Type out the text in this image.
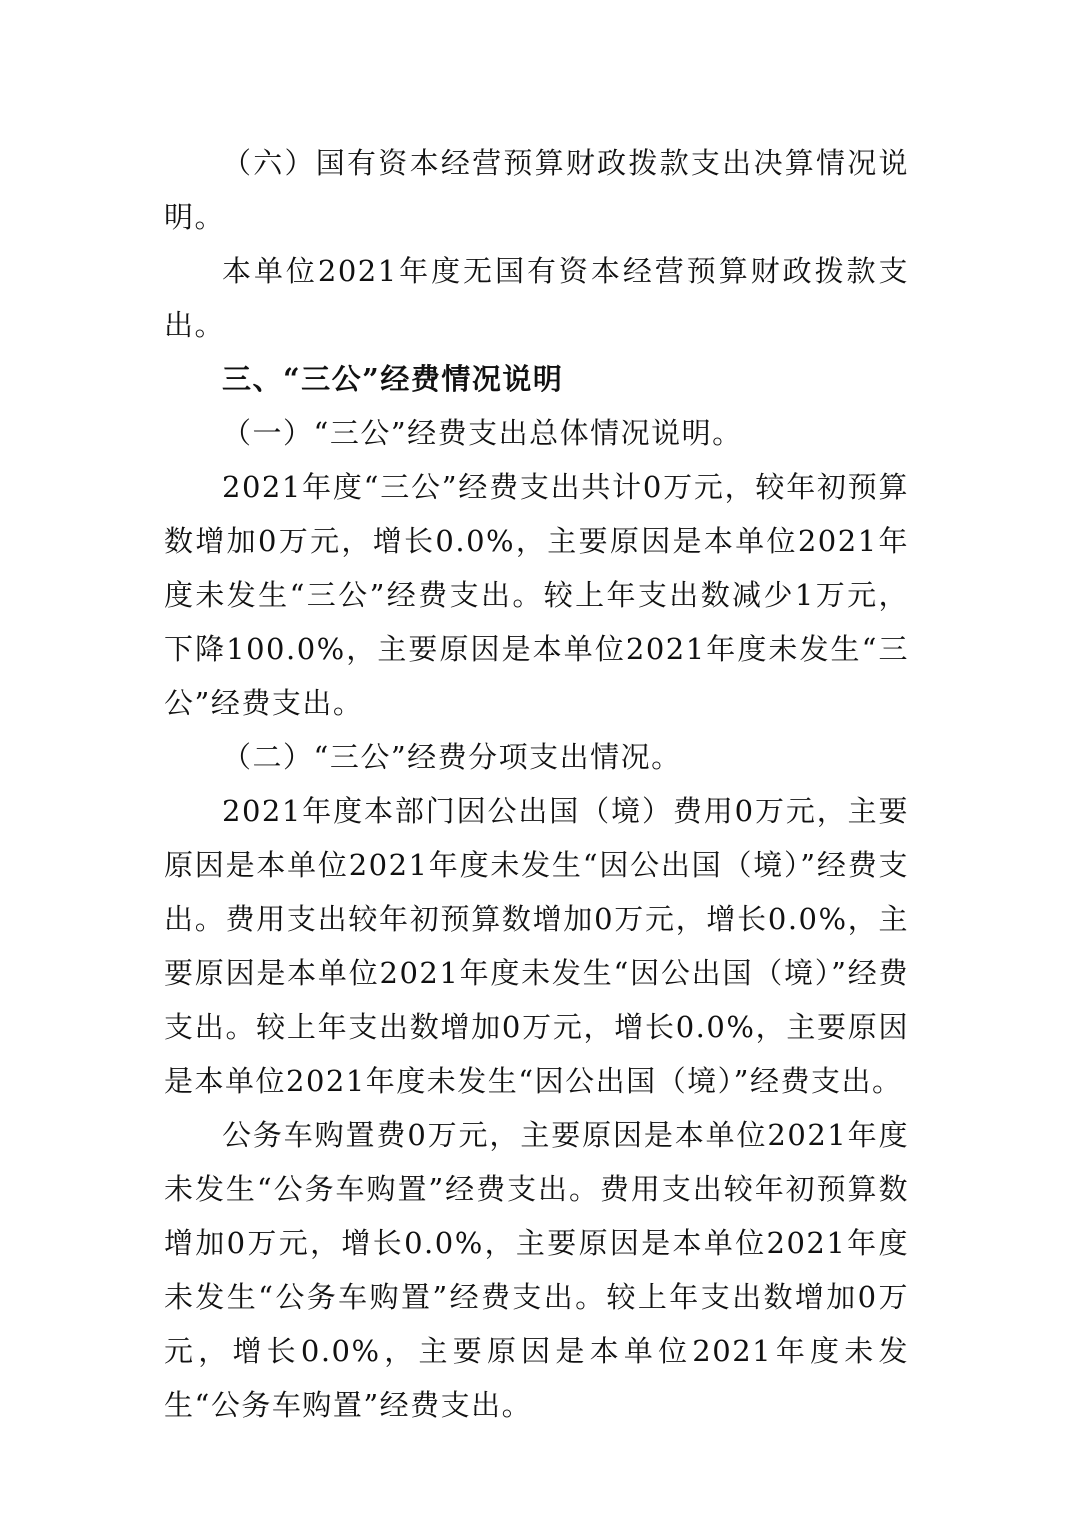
（六）国有资本经营预算财政拨款支出决算情况说明。

本单位2021年度无国有资本经营预算财政拨款支出。

三、“三公”经费情况说明

（一）“三公”经费支出总体情况说明。

2021年度“三公”经费支出共计0万元，较年初预算数增加0万元，增长0.0%，主要原因是本单位2021年度未发生“三公”经费支出。较上年支出数减少1万元，下降100.0%，主要原因是本单位2021年度未发生“三公”经费支出。

（二）“三公”经费分项支出情况。

2021年度本部门因公出国（境）费用0万元，主要原因是本单位2021年度未发生“因公出国（境）”经费支出。费用支出较年初预算数增加0万元，增长0.0%，主要原因是本单位2021年度未发生“因公出国（境）”经费支出。较上年支出数增加0万元，增长0.0%，主要原因是本单位2021年度未发生“因公出国（境）”经费支出。

公务车购置费0万元，主要原因是本单位2021年度未发生“公务车购置”经费支出。费用支出较年初预算数增加0万元，增长0.0%，主要原因是本单位2021年度未发生“公务车购置”经费支出。较上年支出数增加0万元，增长0.0%，主要原因是本单位2021年度未发生“公务车购置”经费支出。
